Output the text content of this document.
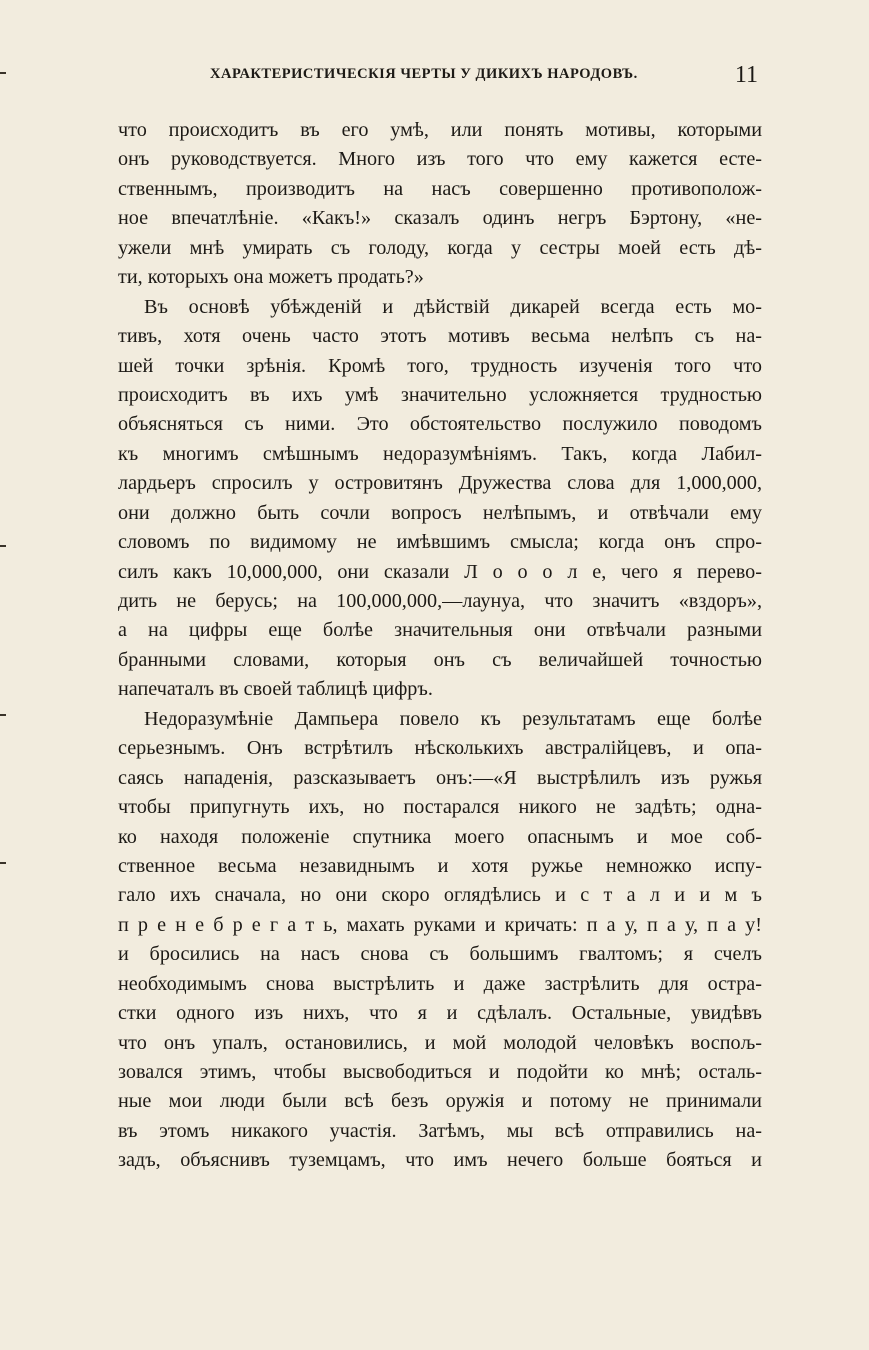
ХАРАКТЕРИСТИЧЕСКІЯ ЧЕРТЫ У ДИКИХЪ НАРОДОВЪ.	11
что происходитъ въ его умѣ, или понять мотивы, которыми
онъ руководствуется. Много изъ того что ему кажется есте-
ственнымъ, производитъ на насъ совершенно противополож-
ное впечатлѣніе. «Какъ!» сказалъ одинъ негръ Бэртону, «не-
ужели мнѣ умирать съ голоду, когда у сестры моей есть дѣ-
ти, которыхъ она можетъ продать?»
Въ основѣ убѣжденій и дѣйствій дикарей всегда есть мо-
тивъ, хотя очень часто этотъ мотивъ весьма нелѣпъ съ на-
шей точки зрѣнія. Кромѣ того, трудность изученія того что
происходитъ въ ихъ умѣ значительно усложняется трудностью
объясняться съ ними. Это обстоятельство послужило поводомъ
къ многимъ смѣшнымъ недоразумѣніямъ. Такъ, когда Лабил-
лардьеръ спросилъ у островитянъ Дружества слова для 1,000,000,
они должно быть сочли вопросъ нелѣпымъ, и отвѣчали ему
словомъ по видимому не имѣвшимъ смысла; когда онъ спро-
силъ какъ 10,000,000, они сказали Л о о о л е, чего я перево-
дить не берусь; на 100,000,000,—лаунуа, что значитъ «вздоръ»,
а на цифры еще болѣе значительныя они отвѣчали разными
бранными словами, которыя онъ съ величайшей точностью
напечаталъ въ своей таблицѣ цифръ.
Недоразумѣніе Дампьера повело къ результатамъ еще болѣе
серьезнымъ. Онъ встрѣтилъ нѣсколькихъ австралійцевъ, и опа-
саясь нападенія, разсказываетъ онъ:—«Я выстрѣлилъ изъ ружья
чтобы припугнуть ихъ, но постарался никого не задѣть; одна-
ко находя положеніе спутника моего опаснымъ и мое соб-
ственное весьма незавиднымъ и хотя ружье немножко испу-
гало ихъ сначала, но они скоро оглядѣлись и с т а л и и м ъ
п р е н е б р е г а т ь, махать руками и кричать: п а у, п а у, п а у!
и бросились на насъ снова съ большимъ гвалтомъ; я счелъ
необходимымъ снова выстрѣлить и даже застрѣлить для остра-
стки одного изъ нихъ, что я и сдѣлалъ. Остальные, увидѣвъ
что онъ упалъ, остановились, и мой молодой человѣкъ воспољ-
зовался этимъ, чтобы высвободиться и подойти ко мнѣ; осталь-
ные мои люди были всѣ безъ оружія и потому не принимали
въ этомъ никакого участія. Затѣмъ, мы всѣ отправились на-
задъ, объяснивъ туземцамъ, что имъ нечего больше бояться и
